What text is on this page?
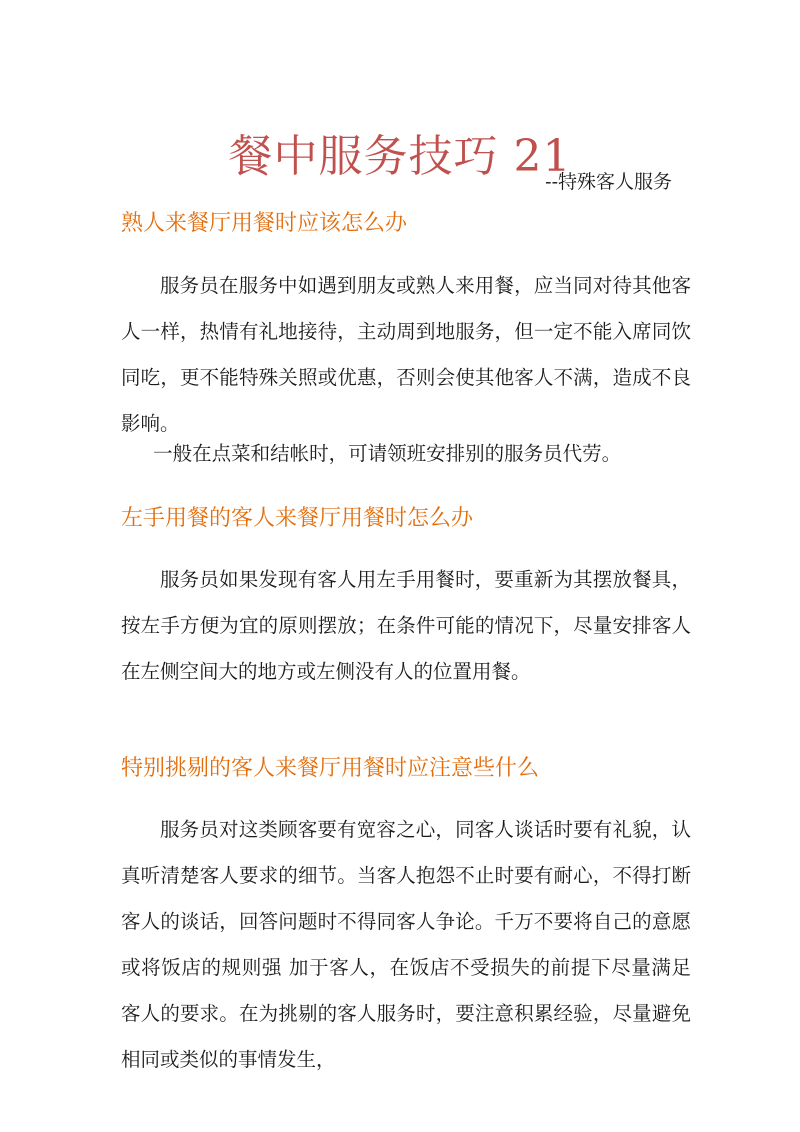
餐中服务技巧 21
--特殊客人服务
熟人来餐厅用餐时应该怎么办

服务员在服务中如遇到朋友或熟人来用餐，应当同对待其他客人一样，热情有礼地接待，主动周到地服务，但一定不能入席同饮同吃，更不能特殊关照或优惠，否则会使其他客人不满，造成不良影响。

一般在点菜和结帐时，可请领班安排别的服务员代劳。

左手用餐的客人来餐厅用餐时怎么办

服务员如果发现有客人用左手用餐时，要重新为其摆放餐具，按左手方便为宜的原则摆放；在条件可能的情况下，尽量安排客人在左侧空间大的地方或左侧没有人的位置用餐。

特别挑剔的客人来餐厅用餐时应注意些什么

服务员对这类顾客要有宽容之心，同客人谈话时要有礼貌，认真听清楚客人要求的细节。当客人抱怨不止时要有耐心，不得打断客人的谈话，回答问题时不得同客人争论。千万不要将自己的意愿或将饭店的规则强 加于客人，在饭店不受损失的前提下尽量满足客人的要求。在为挑剔的客人服务时，要注意积累经验，尽量避免相同或类似的事情发生，
